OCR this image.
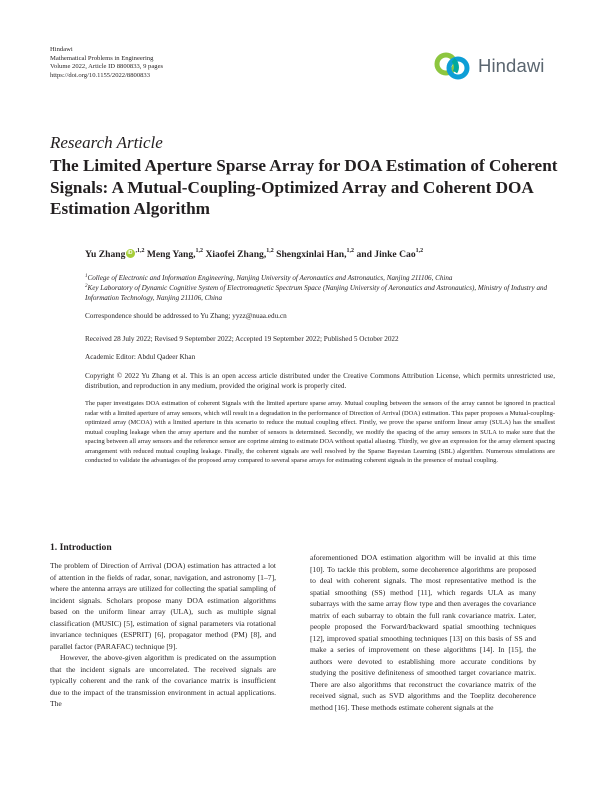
Hindawi
Mathematical Problems in Engineering
Volume 2022, Article ID 8800833, 9 pages
https://doi.org/10.1155/2022/8800833	Hindawi
Research Article
The Limited Aperture Sparse Array for DOA Estimation of Coherent Signals: A Mutual-Coupling-Optimized Array and Coherent DOA Estimation Algorithm
Yu ZhangiD $^{,1,2}$ Meng Yang,$^{1,2}$ Xiaofei Zhang,$^{1,2}$ Shengxinlai Han,$^{1,2}$ and Jinke Cao$^{1,2}$
$^1$College of Electronic and Information Engineering, Nanjing University of Aeronautics and Astronautics, Nanjing 211106, China
$^2$Key Laboratory of Dynamic Cognitive System of Electromagnetic Spectrum Space (Nanjing University of Aeronautics and Astronautics), Ministry of Industry and Information Technology, Nanjing 211106, China
Correspondence should be addressed to Yu Zhang; yyzz@nuaa.edu.cn
Received 28 July 2022; Revised 9 September 2022; Accepted 19 September 2022; Published 5 October 2022
Academic Editor: Abdul Qadeer Khan
Copyright © 2022 Yu Zhang et al. This is an open access article distributed under the Creative Commons Attribution License, which permits unrestricted use, distribution, and reproduction in any medium, provided the original work is properly cited.
The paper investigates DOA estimation of coherent Signals with the limited aperture sparse array. Mutual coupling between the sensors of the array cannot be ignored in practical radar with a limited aperture of array sensors, which will result in a degradation in the performance of Direction of Arrival (DOA) estimation. This paper proposes a Mutual-coupling-optimized array (MCOA) with a limited aperture in this scenario to reduce the mutual coupling effect. Firstly, we prove the sparse uniform linear array (SULA) has the smallest mutual coupling leakage when the array aperture and the number of sensors is determined. Secondly, we modify the spacing of the array sensors in SULA to make sure that the spacing between all array sensors and the reference sensor are coprime aiming to estimate DOA without spatial aliasing. Thirdly, we give an expression for the array element spacing arrangement with reduced mutual coupling leakage. Finally, the coherent signals are well resolved by the Sparse Bayesian Learning (SBL) algorithm. Numerous simulations are conducted to validate the advantages of the proposed array compared to several sparse arrays for estimating coherent signals in the presence of mutual coupling.
1. Introduction

The problem of Direction of Arrival (DOA) estimation has attracted a lot of attention in the fields of radar, sonar, navigation, and astronomy [1–7], where the antenna arrays are utilized for collecting the spatial sampling of incident signals. Scholars propose many DOA estimation algorithms based on the uniform linear array (ULA), such as multiple signal classification (MUSIC) [5], estimation of signal parameters via rotational invariance techniques (ESPRIT) [6], propagator method (PM) [8], and parallel factor (PARAFAC) technique [9].

However, the above-given algorithm is predicated on the assumption that the incident signals are uncorrelated. The received signals are typically coherent and the rank of the covariance matrix is insufficient due to the impact of the transmission environment in actual applications. The

aforementioned DOA estimation algorithm will be invalid at this time [10]. To tackle this problem, some decoherence algorithms are proposed to deal with coherent signals. The most representative method is the spatial smoothing (SS) method [11], which regards ULA as many subarrays with the same array flow type and then averages the covariance matrix of each subarray to obtain the full rank covariance matrix. Later, people proposed the Forward/backward spatial smoothing techniques [12], improved spatial smoothing techniques [13] on this basis of SS and make a series of improvement on these algorithms [14]. In [15], the authors were devoted to establishing more accurate conditions by studying the positive definiteness of smoothed target covariance matrix. There are also algorithms that reconstruct the covariance matrix of the received signal, such as SVD algorithms and the Toeplitz decoherence method [16]. These methods estimate coherent signals at the
